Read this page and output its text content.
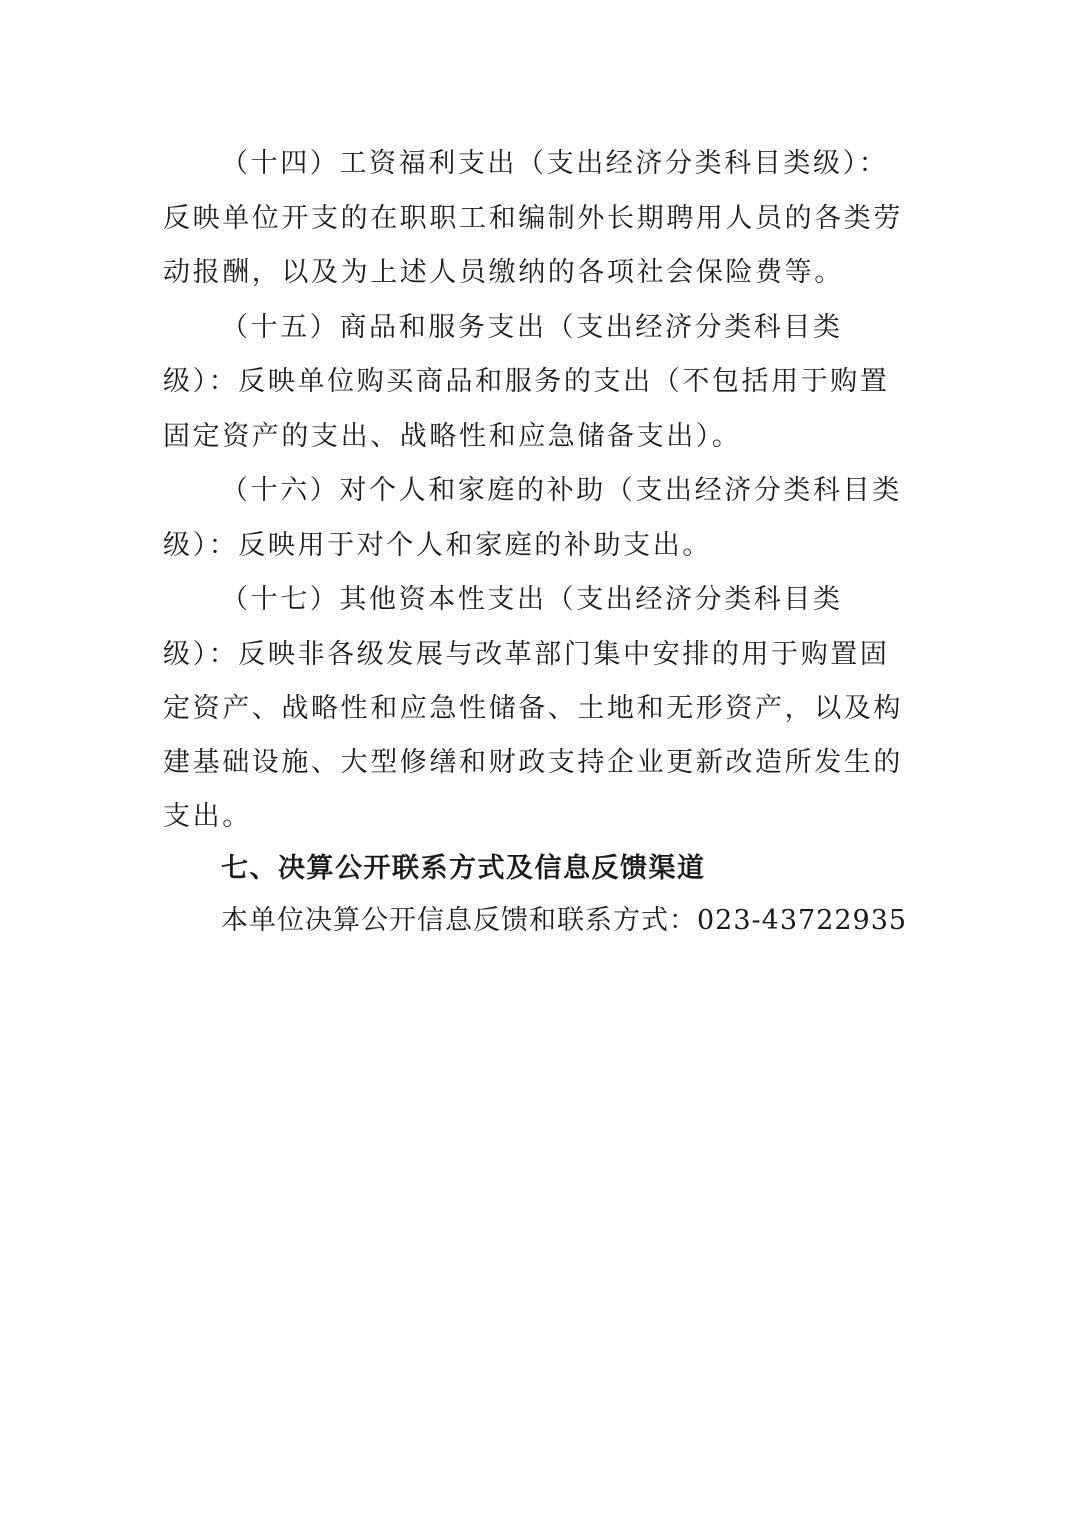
（十四）工资福利支出（支出经济分类科目类级）：
反映单位开支的在职职工和编制外长期聘用人员的各类劳
动报酬，以及为上述人员缴纳的各项社会保险费等。
（十五）商品和服务支出（支出经济分类科目类
级）：反映单位购买商品和服务的支出（不包括用于购置
固定资产的支出、战略性和应急储备支出）。
（十六）对个人和家庭的补助（支出经济分类科目类
级）：反映用于对个人和家庭的补助支出。
（十七）其他资本性支出（支出经济分类科目类
级）：反映非各级发展与改革部门集中安排的用于购置固
定资产、战略性和应急性储备、土地和无形资产，以及构
建基础设施、大型修缮和财政支持企业更新改造所发生的
支出。
七、决算公开联系方式及信息反馈渠道
本单位决算公开信息反馈和联系方式：023-43722935
